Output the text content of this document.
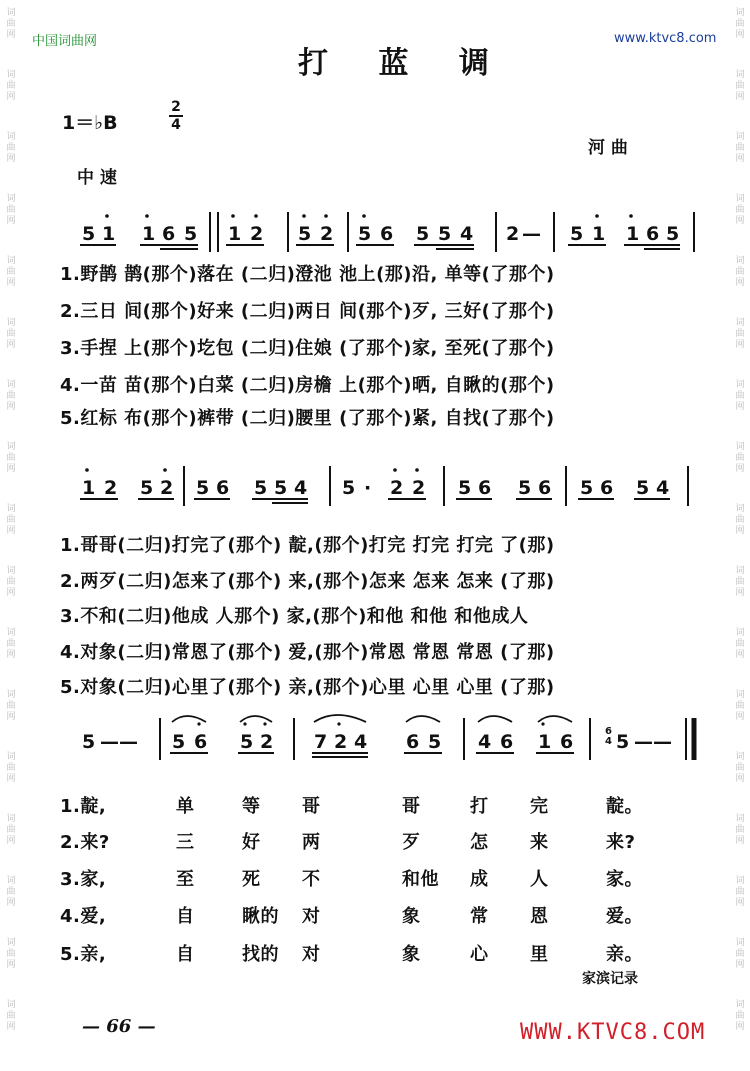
词
曲
网
词
曲
网
词
曲
网
词
曲
网
词
曲
网
词
曲
网
词
曲
网
词
曲
网
词
曲
网
词
曲
网
词
曲
网
词
曲
网
词
曲
网
词
曲
网
词
曲
网
词
曲
网
词
曲
网
词
曲
网
词
曲
网
词
曲
网
词
曲
网
词
曲
网
词
曲
网
词
曲
网
词
曲
网
词
曲
网
词
曲
网
词
曲
网
词
曲
网
词
曲
网
词
曲
网
词
曲
网
词
曲
网
词
曲
网
中国词曲网	www.ktvc8.com
打 蓝 调
1＝♭B
2
4
河 曲
中 速
5 1 1 6 5 1 2 5 2 5 6 5 5 4 2 — 5 1 1 6 5
1.野鹊 鹊(那个)落在 (二归)澄池 池上(那)沿, 单等(了那个)
2.三日 间(那个)好来 (二归)两日 间(那个)歹, 三好(了那个)
3.手捏 上(那个)圪包 (二归)住娘 (了那个)家, 至死(了那个)
4.一苗 苗(那个)白菜 (二归)房檐 上(那个)晒, 自瞅的(那个)
5.红标 布(那个)裤带 (二归)腰里 (了那个)紧, 自找(了那个)
1 2 5 2 5 6 5 5 4 5 · 2 2 5 6 5 6 5 6 5 4
1.哥哥(二归)打完了(那个) 靛,(那个)打完 打完 打完 了(那)
2.两歹(二归)怎来了(那个) 来,(那个)怎来 怎来 怎来 (了那)
3.不和(二归)他成 人那个) 家,(那个)和他 和他 和他成人
4.对象(二归)常恩了(那个) 爱,(那个)常恩 常恩 常恩 (了那)
5.对象(二归)心里了(那个) 亲,(那个)心里 心里 心里 (了那)
5 —— 5 6 5 2 7 2 4 6 5 4 6 1 6 5 ——
6
4
1.靛,	单	等 哥	哥	打 完	靛。
2.来?	三	好 两	歹	怎 来	来?
3.家,	至	死 不	和他 成 人	家。
4.爱,	自	瞅的 对	象	常 恩	爱。
5.亲,	自	找的 对	象	心 里	亲。
家滨记录
— 66 —	WWW.KTVC8.COM
